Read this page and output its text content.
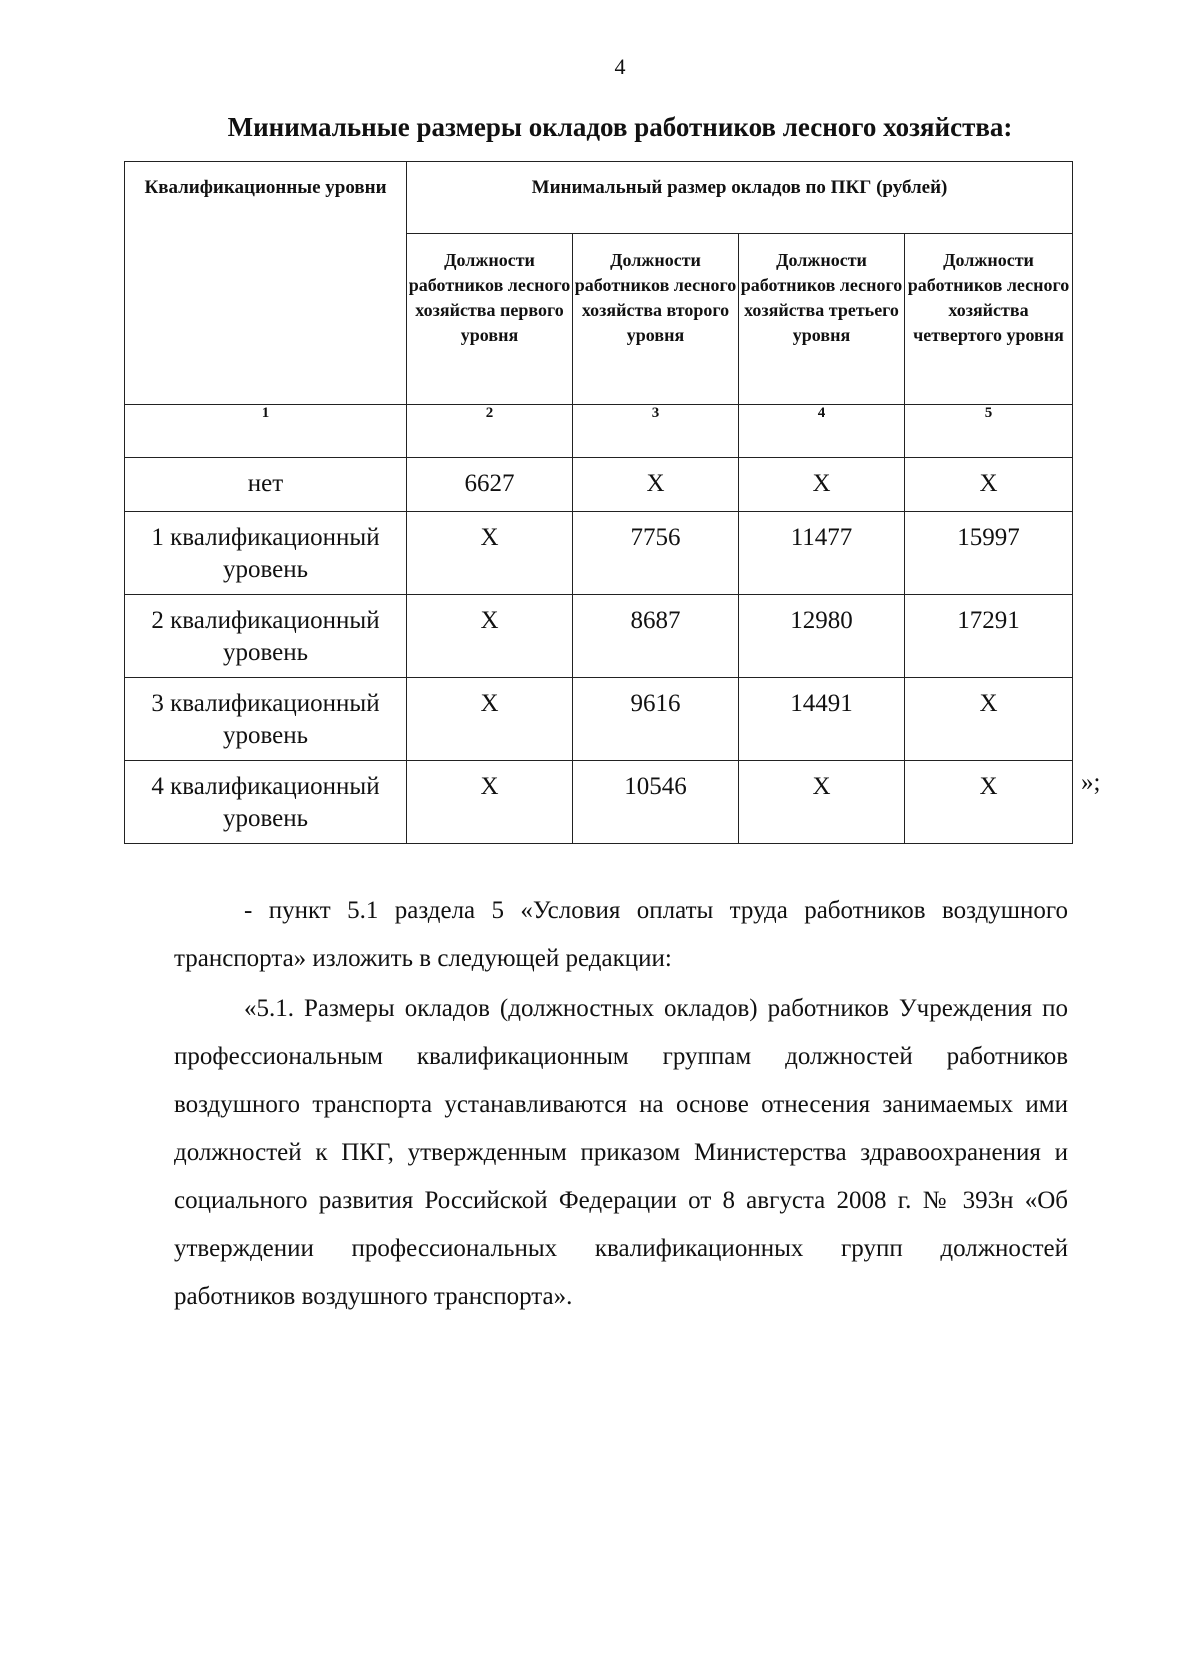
4
Минимальные размеры окладов работников лесного хозяйства:
Квалификационные уровни	Минимальный размер окладов по ПКГ (рублей)			
	Должности работников лесного хозяйства первого уровня	Должности работников лесного хозяйства второго уровня	Должности работников лесного хозяйства третьего уровня	Должности работников лесного хозяйства четвертого уровня
1	2	3	4	5
нет	6627	X	X	X
1 квалификационный уровень	X	7756	11477	15997
2 квалификационный уровень	X	8687	12980	17291
3 квалификационный уровень	X	9616	14491	X
4 квалификационный уровень	X	10546	X	X	»;

- пункт 5.1 раздела 5 «Условия оплаты труда работников воздушного транспорта» изложить в следующей редакции:

«5.1. Размеры окладов (должностных окладов) работников Учреждения по профессиональным квалификационным группам должностей работников воздушного транспорта устанавливаются на основе отнесения занимаемых ими должностей к ПКГ, утвержденным приказом Министерства здравоохранения и социального развития Российской Федерации от 8 августа 2008 г. № 393н «Об утверждении профессиональных квалификационных групп должностей работников воздушного транспорта».
